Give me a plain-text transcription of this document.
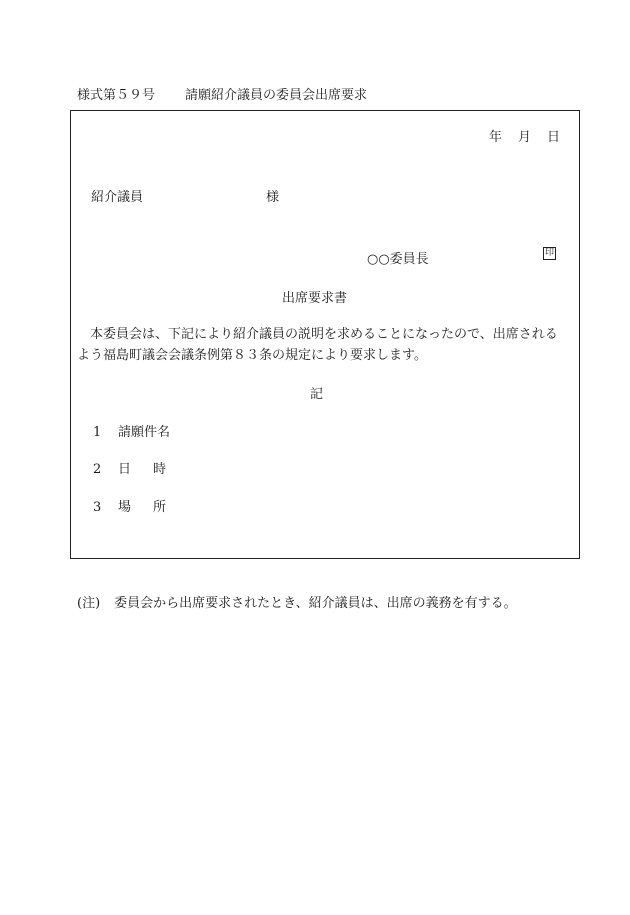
様式第５９号 請願紹介議員の委員会出席要求
年 月 日
紹介議員	様
○○委員長	印
出席要求書
本委員会は、下記により紹介議員の説明を求めることになったので、出席されるよう福島町議会会議条例第８３条の規定により要求します。
記
1 請願件名
2 日 時
3 場 所
(注) 委員会から出席要求されたとき、紹介議員は、出席の義務を有する。
